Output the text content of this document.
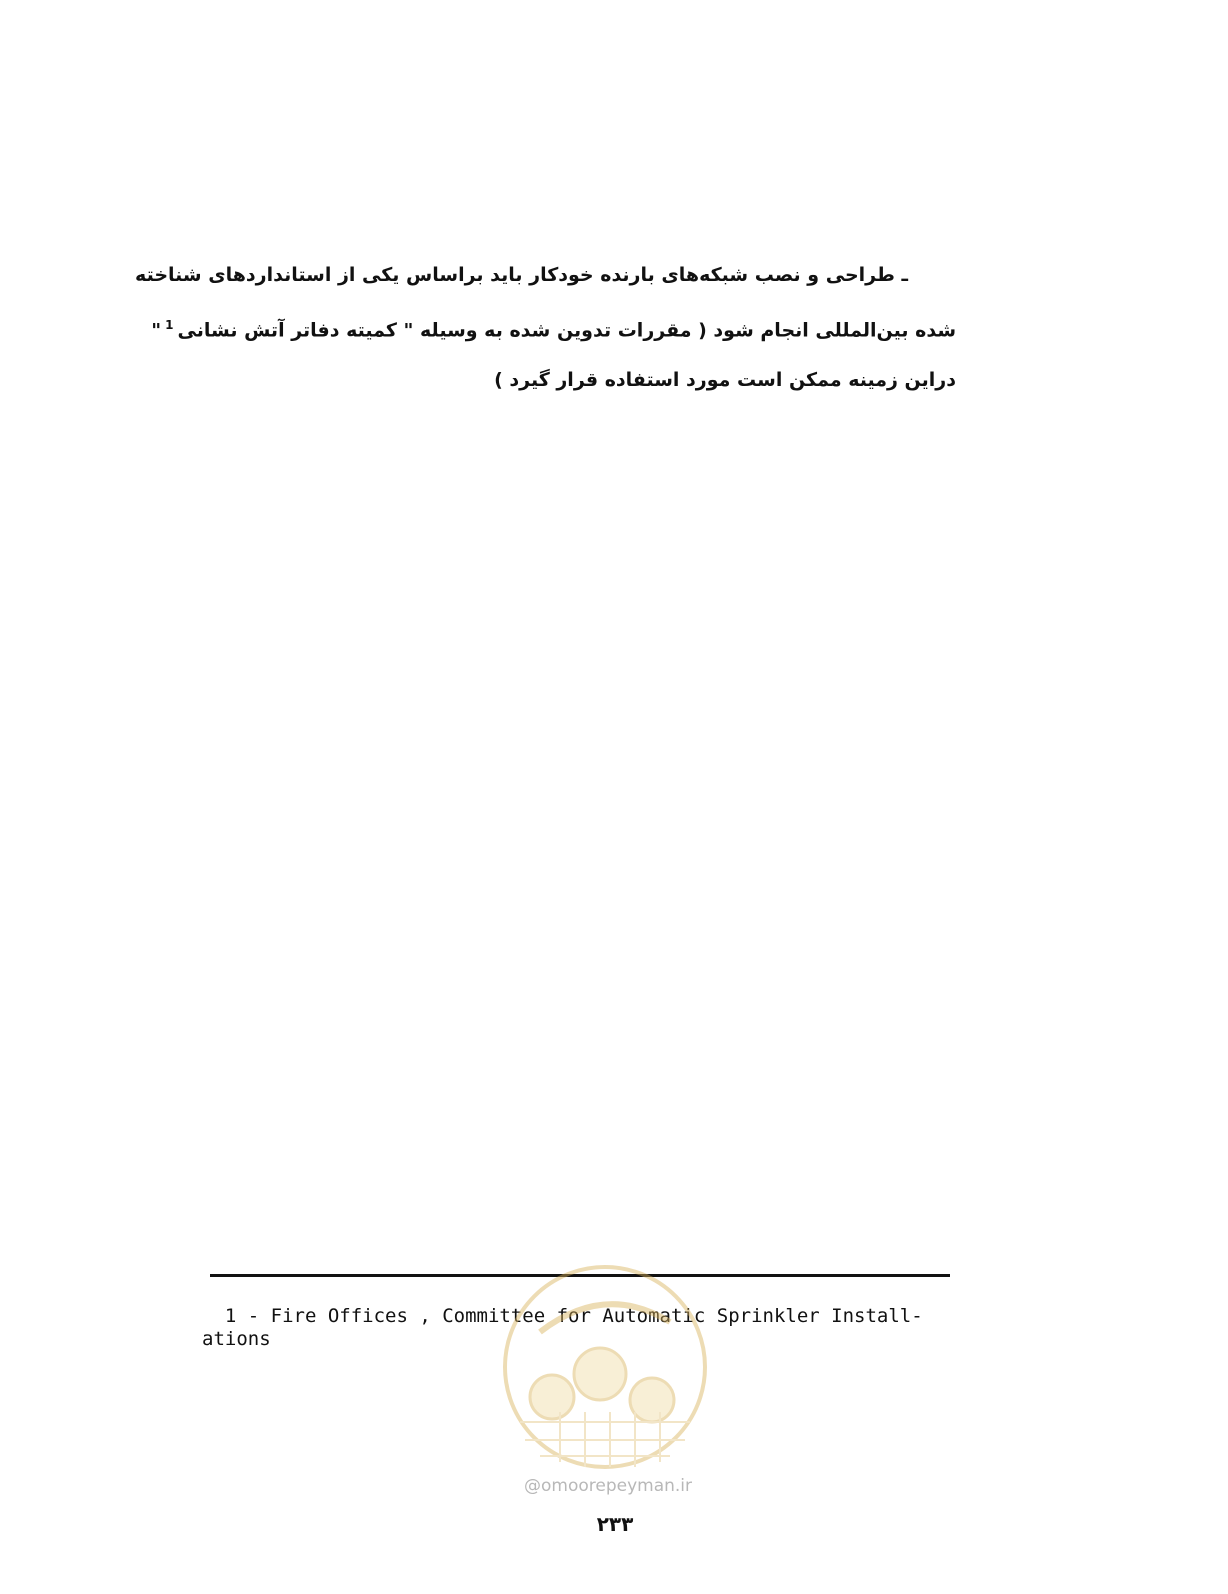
ـ طراحی و نصب شبکه‌های بارنده خودکار باید براساس یکی از استانداردهای شناخته
شده بین‌المللی انجام شود ( مقررات تدوین شده به وسیله " کمیته دفاتر آتش نشانی$^1$"
دراین زمینه ممکن است مورد استفاده قرار گیرد )
1 - Fire Offices , Committee for Automatic Sprinkler Install-
ations
@omoorepeyman.ir
۲۳۳
